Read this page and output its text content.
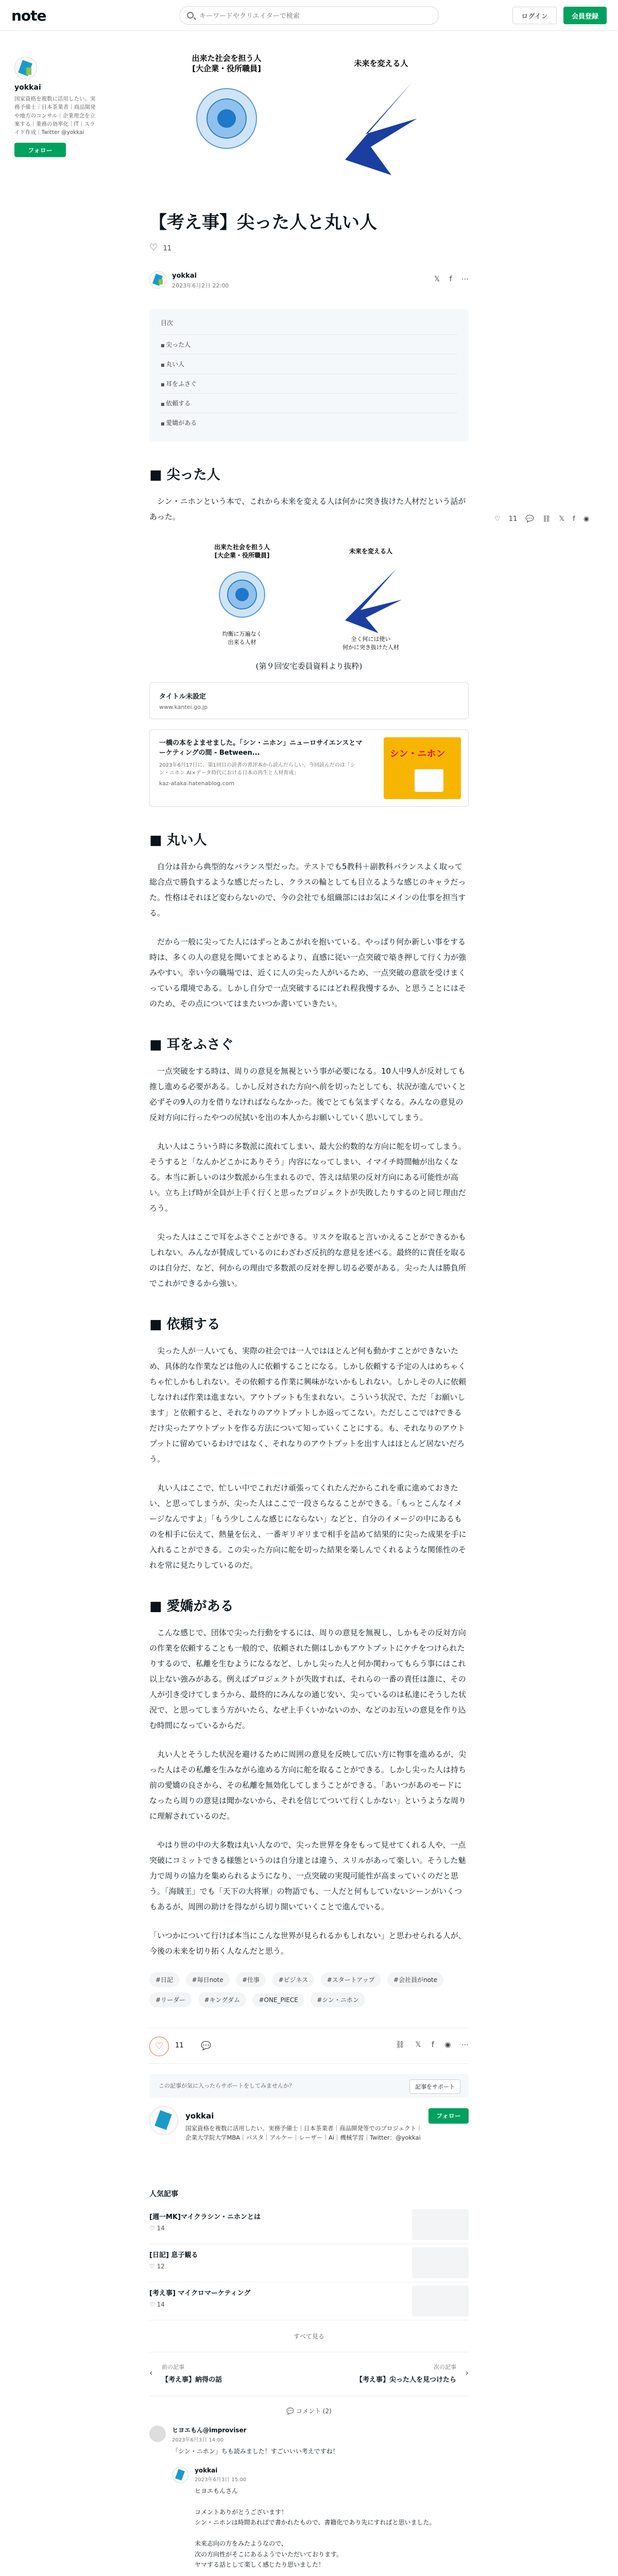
note
キーワードやクリエイターで検索	ログイン	会員登録
yokkai
国家資格を複数に活用したい。実務予備士｜日本茶業者｜商品開発や地方のコンサル｜企業理念を立案する｜業務の効率化｜IT｜スライド作成｜Twitter @yokkai
フォロー
♡ 11 💬 ⛓ 𝕏 f ◉
出来た社会を担う人
[大企業・役所職員]
未来を変える人
【考え事】尖った人と丸い人
♡ 11
yokkai
2023年6月2日 22:00
𝕏 f ⋯
目次
■ 尖った人
■ 丸い人
■ 耳をふさぐ
■ 依頼する
■ 愛嬌がある
■ 尖った人

シン・ニホンという本で、これから未来を変える人は何かに突き抜けた人材だという話があった。

出来た社会を担う人
[大企業・役所職員]
均衡に万遍なく
出来る人材
未来を変える人
全く何には使い
何かに突き抜けた人材
(第９回安宅委員資料より抜粋)
タイトル未設定
www.kantei.go.jp
一橋の本をよませました。「シン・ニホン」ニューロサイエンスとマーケティングの間 - Between...
2023年6月17日に、第1回目の読書の書評本から読んだらしい。今回読んだのは「シン・ニホン AI×データ時代における日本の再生と人材育成」
kaz-ataka.hatenablog.com
シン・ニホン
■ 丸い人

自分は昔から典型的なバランス型だった。テストでも5教科＋副教科バランスよく取って総合点で勝負するような感じだったし、クラスの輪としても目立るような感じのキャラだった。性格はそれほど変わらないので、今の会社でも組織部にはお気にメインの仕事を担当する。

だから一般に尖ってた人にはずっとあこがれを抱いている。やっぱり何か新しい事をする時は、多くの人の意見を聞いてまとめるより、直感に従い一点突破で築き押して行く力が強みやすい。幸い今の職場では、近くに人の尖った人がいるため、一点突破の意欲を受けまくっている環境である。しかし自分で一点突破するにはどれ程我慢するか、と思うことにはそのため、その点についてはまたいつか書いていきたい。

■ 耳をふさぐ

一点突破をする時は、周りの意見を無視という事が必要になる。10人中9人が反対しても推し進める必要がある。しかし反対された方向へ前を切ったとしても、状況が進んでいくと必ずその9人の力を借りなければならなかった。後でとても気まずくなる。みんなの意見の反対方向に行ったやつの尻拭いを出の本人からお願いしていく思いしてしまう。

丸い人はこういう時に多数派に流れてしまい、最大公約数的な方向に舵を切ってしまう。そうすると「なんかどこかにありそう」内容になってしまい、イマイチ時間軸が出なくなる。本当に新しいのは少数派から生まれるので、答えは結果の反対方向にある可能性が高い。立ち上げ時が全員が上手く行くと思ったプロジェクトが失敗したりするのと同じ理由だろう。

尖った人はここで耳をふさぐことができる。リスクを取ると言いかえることができるかもしれない。みんなが賛成しているのにわざわざ反抗的な意見を述べる。最終的に責任を取るのは自分だ、など、何からの理由で多数派の反対を押し切る必要がある。尖った人は勝負所でこれができるから強い。

■ 依頼する

尖った人が一人いても、実際の社会では一人ではほとんど何も動かすことができないため、具体的な作業などは他の人に依頼することになる。しかし依頼する予定の人はめちゃくちゃ忙しかもしれない。その依頼する作業に興味がないかもしれない。しかしその人に依頼しなければ作業は進まない。アウトプットも生まれない。こういう状況で、ただ「お願いします」と依頼すると、それなりのアウトプットしか返ってこない。ただしここでは?できるだけ尖ったアウトプットを作る方法について知っていくことにする。も、それなりのアウトプットに留めているわけではなく、それなりのアウトプットを出す人はほとんど居ないだろう。

丸い人はここで、忙しい中でこれだけ頑張ってくれたんだからこれを重に進めておきたい、と思ってしまうが、尖った人はここで一段さらなることができる。「もっとこんなイメージなんですよ」「もう少しこんな感じにならない」などと、自分のイメージの中にあるものを相手に伝えて、熱量を伝え、一番ギリギリまで相手を詰めて結果的に尖った成果を手に入れることができる。この尖った方向に舵を切った結果を楽しんでくれるような関係性のそれを常に見たりしているのだ。

■ 愛嬌がある

こんな感じで、団体で尖った行動をするには、周りの意見を無視し、しかもその反対方向の作業を依頼することも一般的で、依頼された側はしかもアウトプットにケチをつけられたりするので、私離を生むようになるなど、しかし尖った人と何か関わってもらう事にはこれ以上ない強みがある。例えばプロジェクトが失敗すれば、それらの一番の責任は誰に、その人が引き受けてしまうから、最終的にみんなの通じ安い、尖っているのは私達にそうした状況で、と思ってしまう方がいたら、なぜ上手くいかないのか、などのお互いの意見を作り込む時間になっているからだ。

丸い人とそうした状況を避けるために周囲の意見を反映して広い方に物事を進めるが、尖った人はその私離を生みながら進める方向に舵を取ることができる。しかし尖った人は持ち前の愛嬌の良さから、その私離を無効化してしまうことができる。「あいつがあのモードになったら周りの意見は聞かないから、それを信じてついて行くしかない」というような周りに理解されているのだ。

やはり世の中の大多数は丸い人なので、尖った世界を身をもって見せてくれる人や、一点突破にコミットできる様態というのは自分達とは違う、スリルがあって楽しい。そうした魅力で周りの協力を集められるようになり、一点突破の実現可能性が高まっていくのだと思う。「海賊王」でも「天下の大将軍」の物語でも、一人だと何もしていないシーンがいくつもあるが、周囲の助けを得ながら切り開いていくことで進んでいる。

「いつかについて行けば本当にこんな世界が見られるかもしれない」と思わせられる人が、今後の未来を切り拓く人なんだと思う。

#日記	#毎日note	#仕事	#ビジネス	#スタートアップ	#会社員がnote #リーダー	#キングダム	#ONE_PIECE	#シン・ニホン
♡	11 💬	⛓ 𝕏 f ◉ ⋯
この記事が気に入ったらサポートをしてみませんか？	記事をサポート
yokkai
国家資格を複数に活用したい。実務予備士｜日本茶業者｜商品開発等でのプロジェクト｜企業大学院大学MBA｜パスタ｜アルケー｜レーザー｜Ai｜機械学習｜Twitter：@yokkai
フォロー
人気記事
[週一MK]マイクラシン・ニホンとは
♡ 14
[日記] 息子観る
♡ 12
[考え事] マイクロマーケティング
♡ 14
すべて見る
‹
前の記事
【考え事】納得の話
次の記事
【考え事】尖った人を見つけたら
›
💬 コメント (2)
ヒヨエもん@improviser
2023年6月3日 14:00
「シン・ニホン」ちも読みました！すごいいい考えですね！
yokkai
2023年6月3日 15:00
ヒヨエもんさん

コメントありがとうございます！
シン・ニホンは時間あればで書かれたもので、書籍化であり先にすればと思いました。

未来志向の方をみたようなので、
次の方向性がそこにあるようでいただいております。
ヤマする話として楽しく感じたり思いました！
